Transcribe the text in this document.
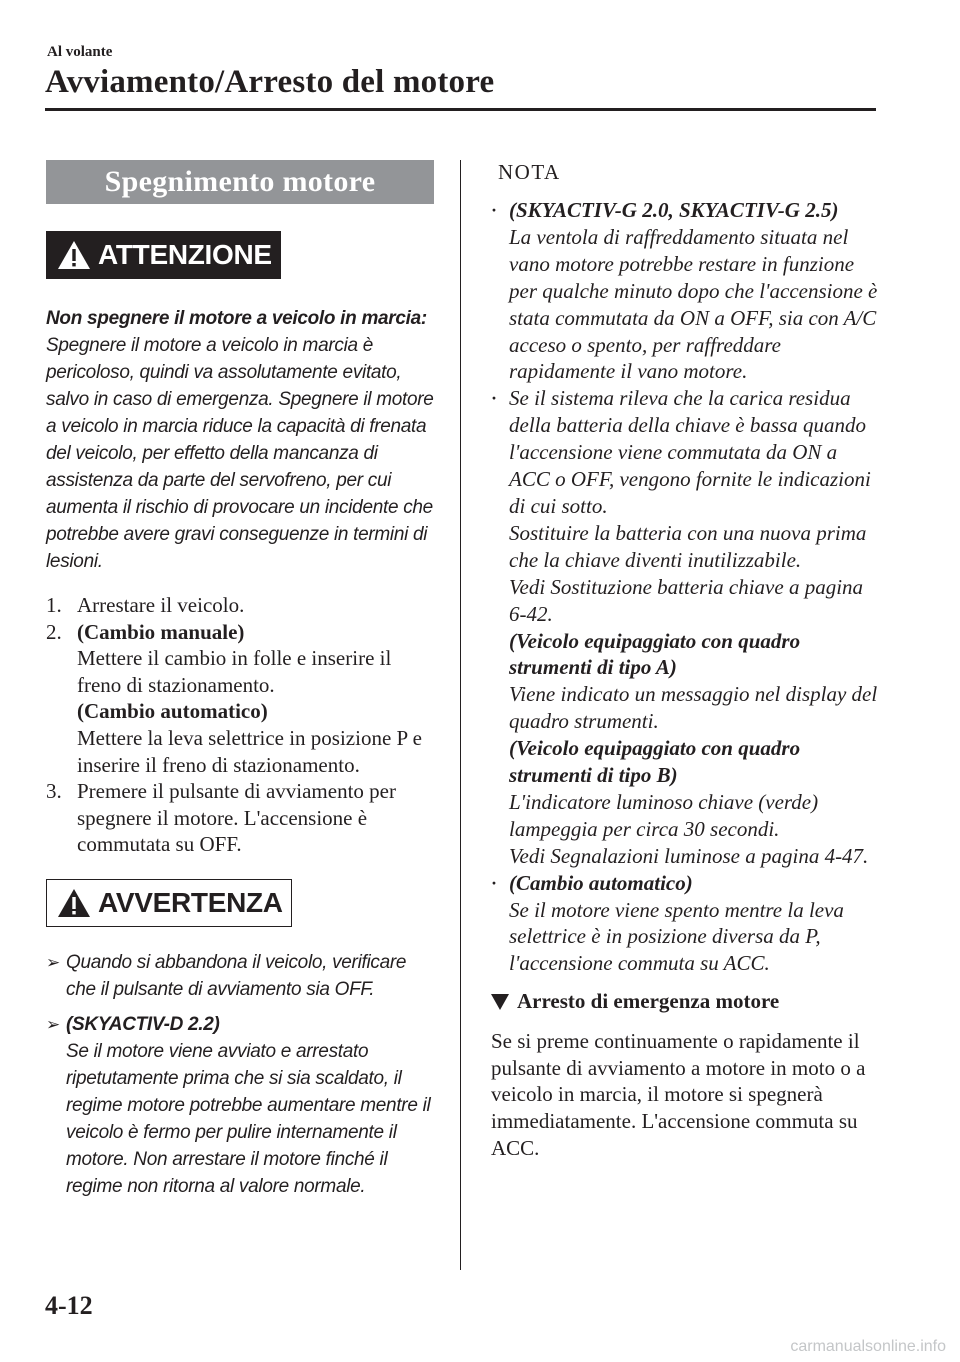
Al volante
Avviamento/Arresto del motore
Spegnimento motore
ATTENZIONE
Non spegnere il motore a veicolo in marcia:
Spegnere il motore a veicolo in marcia è pericoloso, quindi va assolutamente evitato, salvo in caso di emergenza. Spegnere il motore a veicolo in marcia riduce la capacità di frenata del veicolo, per effetto della mancanza di assistenza da parte del servofreno, per cui aumenta il rischio di provocare un incidente che potrebbe avere gravi conseguenze in termini di lesioni.
1. Arrestare il veicolo.
2. (Cambio manuale)
Mettere il cambio in folle e inserire il freno di stazionamento.
(Cambio automatico)
Mettere la leva selettrice in posizione P e inserire il freno di stazionamento.
3. Premere il pulsante di avviamento per spegnere il motore. L'accensione è commutata su OFF.
AVVERTENZA
➢ Quando si abbandona il veicolo, verificare che il pulsante di avviamento sia OFF.
➢ (SKYACTIV-D 2.2)
Se il motore viene avviato e arrestato ripetutamente prima che si sia scaldato, il regime motore potrebbe aumentare mentre il veicolo è fermo per pulire internamente il motore. Non arrestare il motore finché il regime non ritorna al valore normale.
NOTA
· (SKYACTIV-G 2.0, SKYACTIV-G 2.5)
La ventola di raffreddamento situata nel vano motore potrebbe restare in funzione per qualche minuto dopo che l'accensione è stata commutata da ON a OFF, sia con A/C acceso o spento, per raffreddare rapidamente il vano motore.
· Se il sistema rileva che la carica residua della batteria della chiave è bassa quando l'accensione viene commutata da ON a ACC o OFF, vengono fornite le indicazioni di cui sotto.
Sostituire la batteria con una nuova prima che la chiave diventi inutilizzabile.
Vedi Sostituzione batteria chiave a pagina 6-42.
(Veicolo equipaggiato con quadro strumenti di tipo A)
Viene indicato un messaggio nel display del quadro strumenti.
(Veicolo equipaggiato con quadro strumenti di tipo B)
L'indicatore luminoso chiave (verde) lampeggia per circa 30 secondi.
Vedi Segnalazioni luminose a pagina 4-47.
· (Cambio automatico)
Se il motore viene spento mentre la leva selettrice è in posizione diversa da P, l'accensione commuta su ACC.
Arresto di emergenza motore
Se si preme continuamente o rapidamente il pulsante di avviamento a motore in moto o a veicolo in marcia, il motore si spegnerà immediatamente. L'accensione commuta su ACC.
4-12
carmanualsonline.info
